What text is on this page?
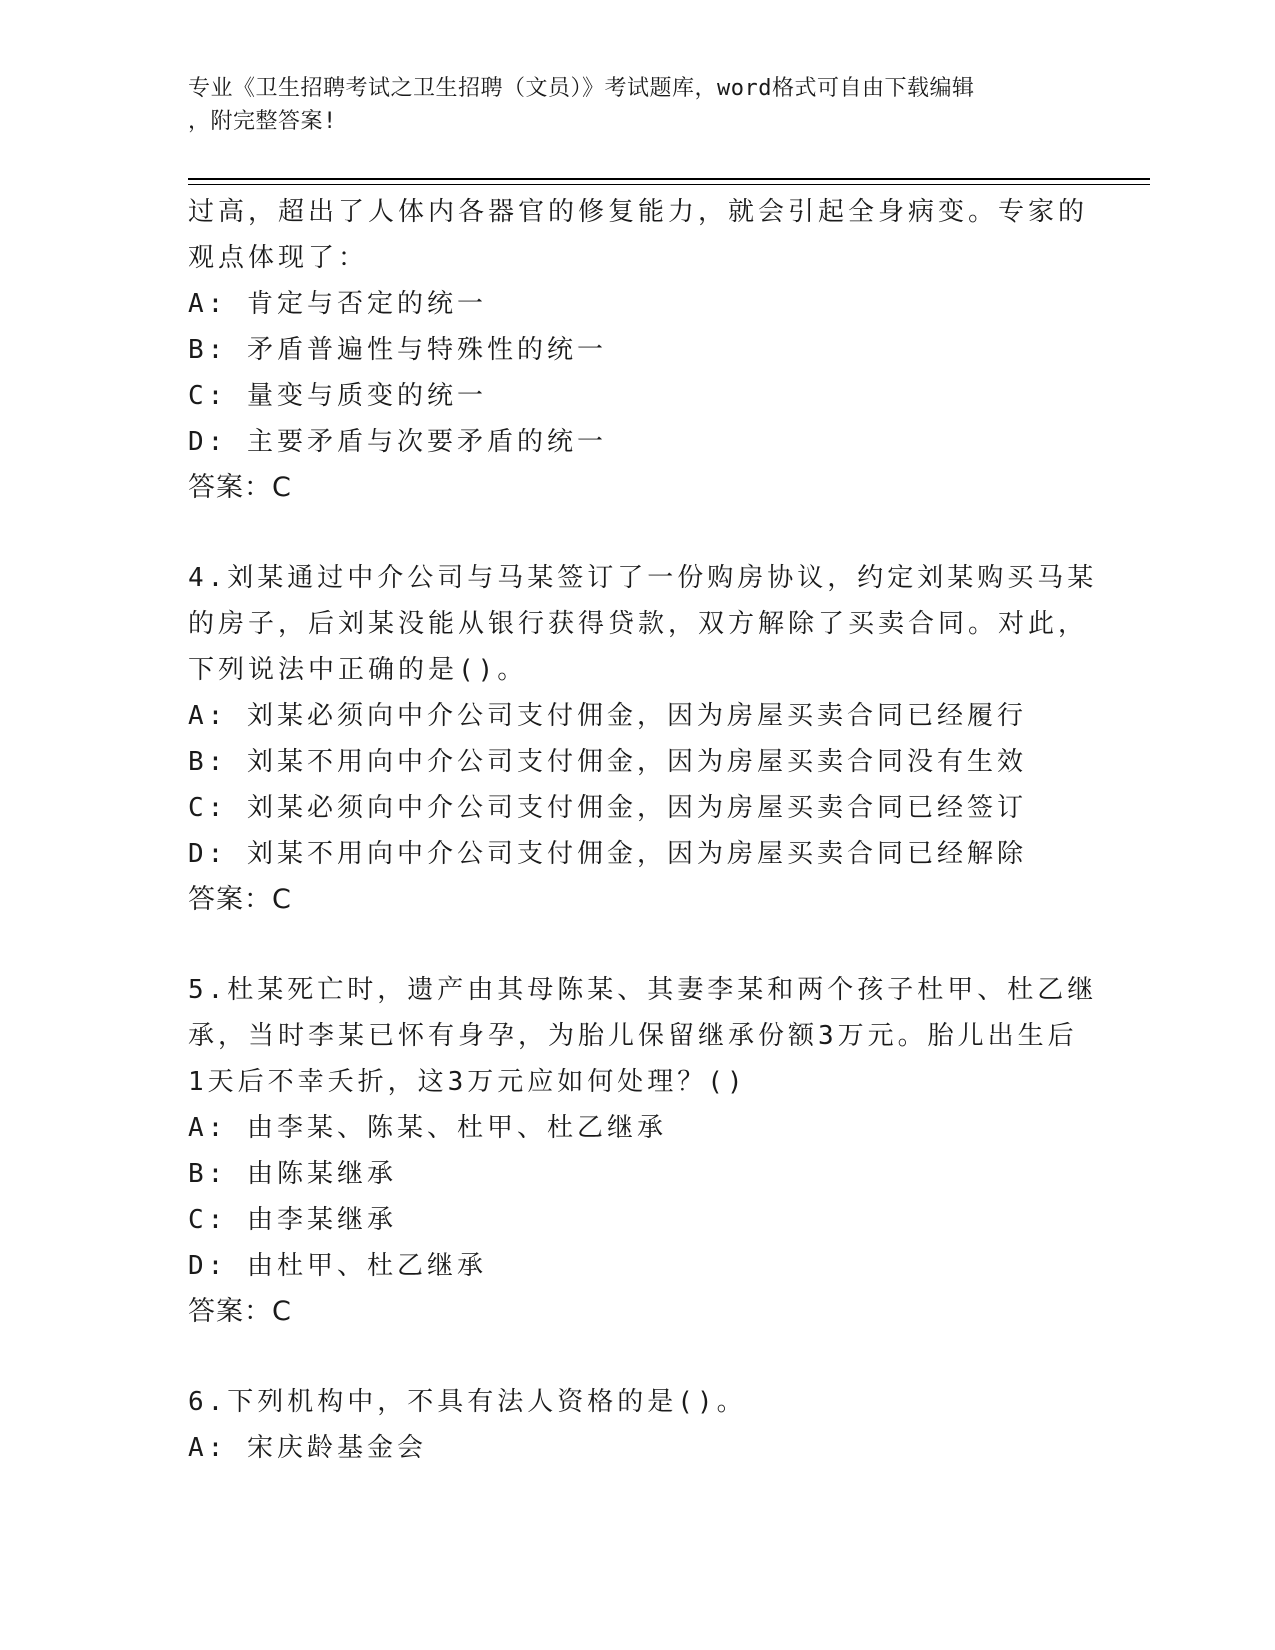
专业《卫生招聘考试之卫生招聘（文员）》考试题库，word格式可自由下载编辑
，附完整答案!
过高，超出了人体内各器官的修复能力，就会引起全身病变。专家的
观点体现了：
A: 肯定与否定的统一
B: 矛盾普遍性与特殊性的统一
C: 量变与质变的统一
D: 主要矛盾与次要矛盾的统一
答案：C
4.刘某通过中介公司与马某签订了一份购房协议，约定刘某购买马某
的房子，后刘某没能从银行获得贷款，双方解除了买卖合同。对此，
下列说法中正确的是()。
A: 刘某必须向中介公司支付佣金，因为房屋买卖合同已经履行
B: 刘某不用向中介公司支付佣金，因为房屋买卖合同没有生效
C: 刘某必须向中介公司支付佣金，因为房屋买卖合同已经签订
D: 刘某不用向中介公司支付佣金，因为房屋买卖合同已经解除
答案：C
5.杜某死亡时，遗产由其母陈某、其妻李某和两个孩子杜甲、杜乙继
承，当时李某已怀有身孕，为胎儿保留继承份额3万元。胎儿出生后
1天后不幸夭折，这3万元应如何处理？()
A: 由李某、陈某、杜甲、杜乙继承
B: 由陈某继承
C: 由李某继承
D: 由杜甲、杜乙继承
答案：C
6.下列机构中，不具有法人资格的是()。
A: 宋庆龄基金会
